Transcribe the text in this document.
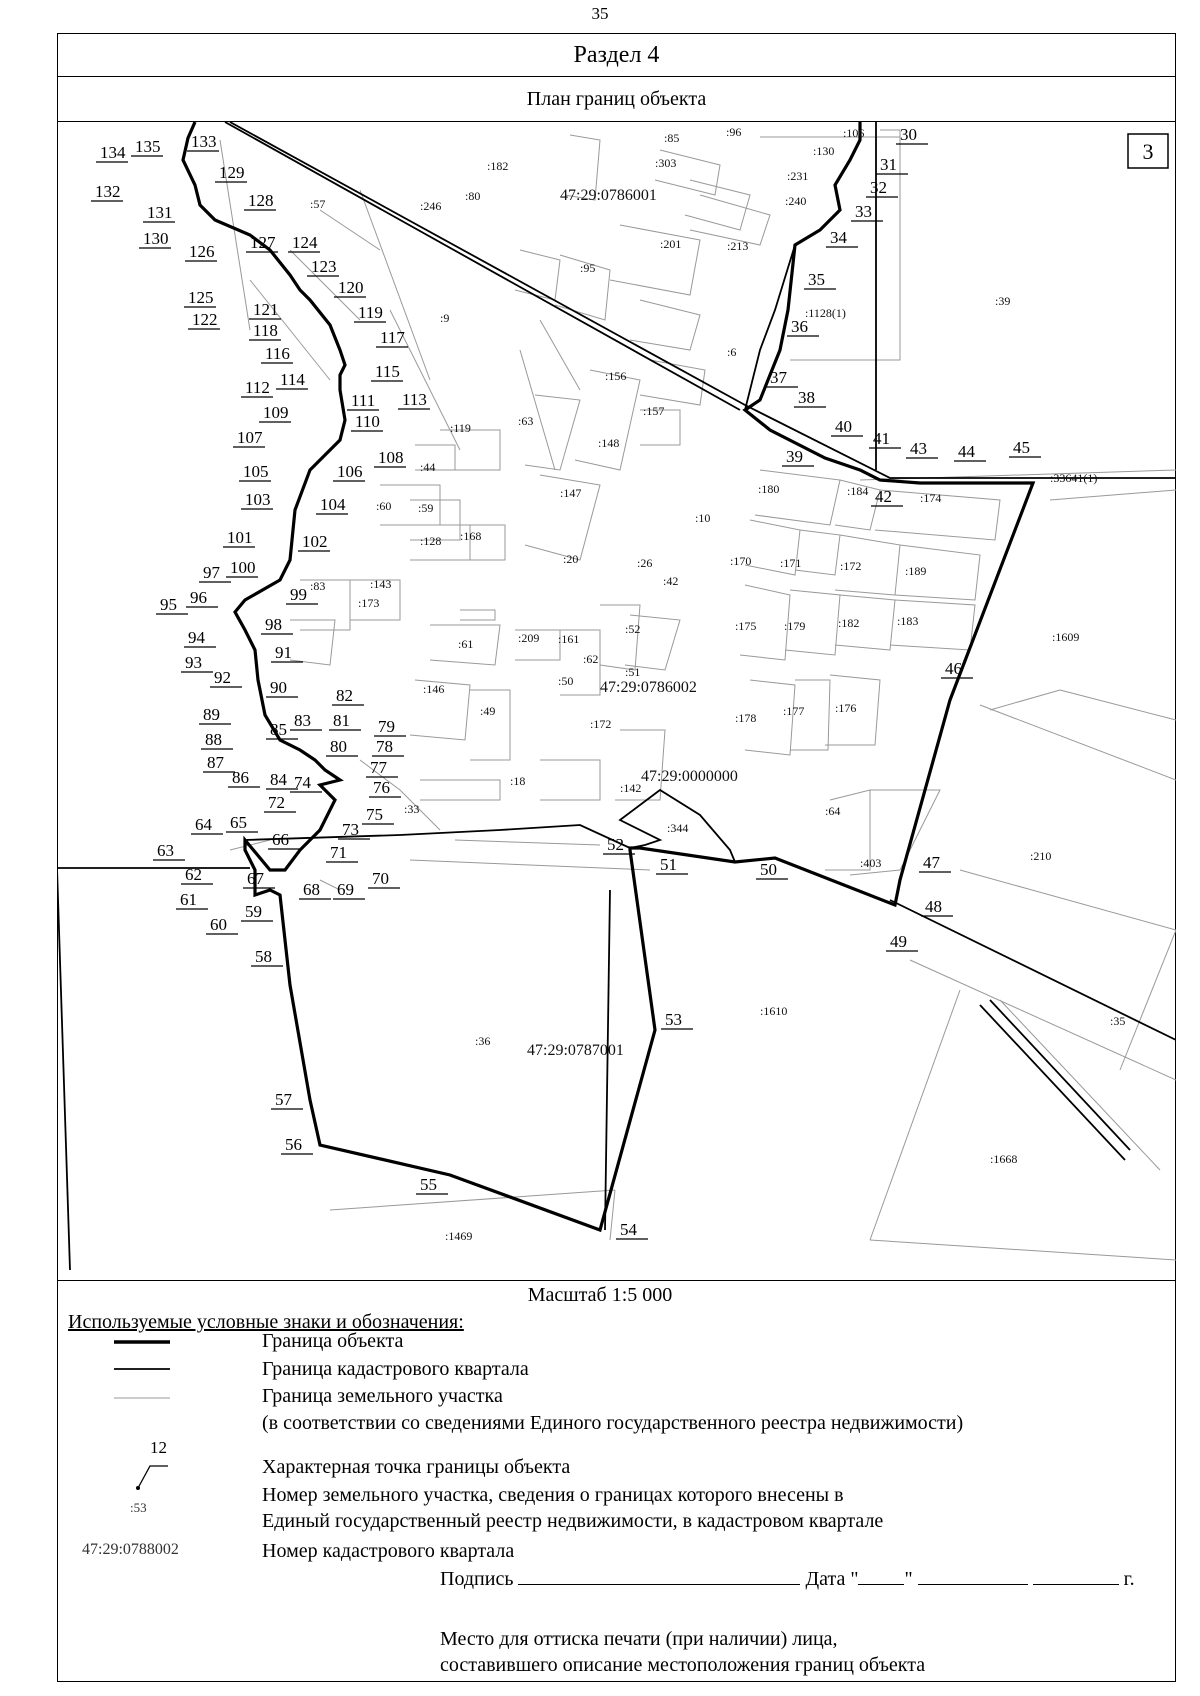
35
Раздел 4
План границ объекта
30
31
32
33
34
35
36
37
38
39
40
41
42
43 44 45
46
47
48
49
50
51
52
53
54
55
56
57
58
59
60
61
62
63
64 65
66
67
68 69
70
71
72
73
74
75
76
77
78
79
80
81
82
83
84
85
86
87
88
89
90
91
92
93
94
95 96
97
98
99
100
101	102
103	104
105	106
107
108
109	110
111
112
113
114	115
116
117
118
119
120
121
122
123
124
125
126 127
128
129
130
131
132
133
134 135	:85	:96	:106
:130
:303
:182
:231
:240
:57	:246
:80
:201	:213
:95
:1128(1)
:39
:9
:6
:156
:157
:63
:119
:148
:44
:180	:184
:147
:60 :59
:128 :168
:33641(1)
:174
:10
:20	:26
:42
:170 :171	:172	:189
:83	:143
:173
:175 :179	:182	:183
:61	:209 :161
:52
:62
:51
:50
:1609
:146
:49	:178 :177	:176
:172
:18	:142
:33	:64
:344
:403	:210
:1610
:36
:35
:1668
:1469
47:29:0786001
47:29:0786002
47:29:0000000
47:29:0787001
3
Масштаб 1:5 000
Используемые условные знаки и обозначения:
Граница объекта
Граница кадастрового квартала
Граница земельного участка
(в соответствии со сведениями Единого государственного реестра недвижимости)
12
Характерная точка границы объекта
:53
Номер земельного участка, сведения о границах которого внесены в
Единый государственный реестр недвижимости, в кадастровом квартале
47:29:0788002	Номер кадастрового квартала
Подпись	Дата " "	г.
Место для оттиска печати (при наличии) лица,
составившего описание местоположения границ объекта
